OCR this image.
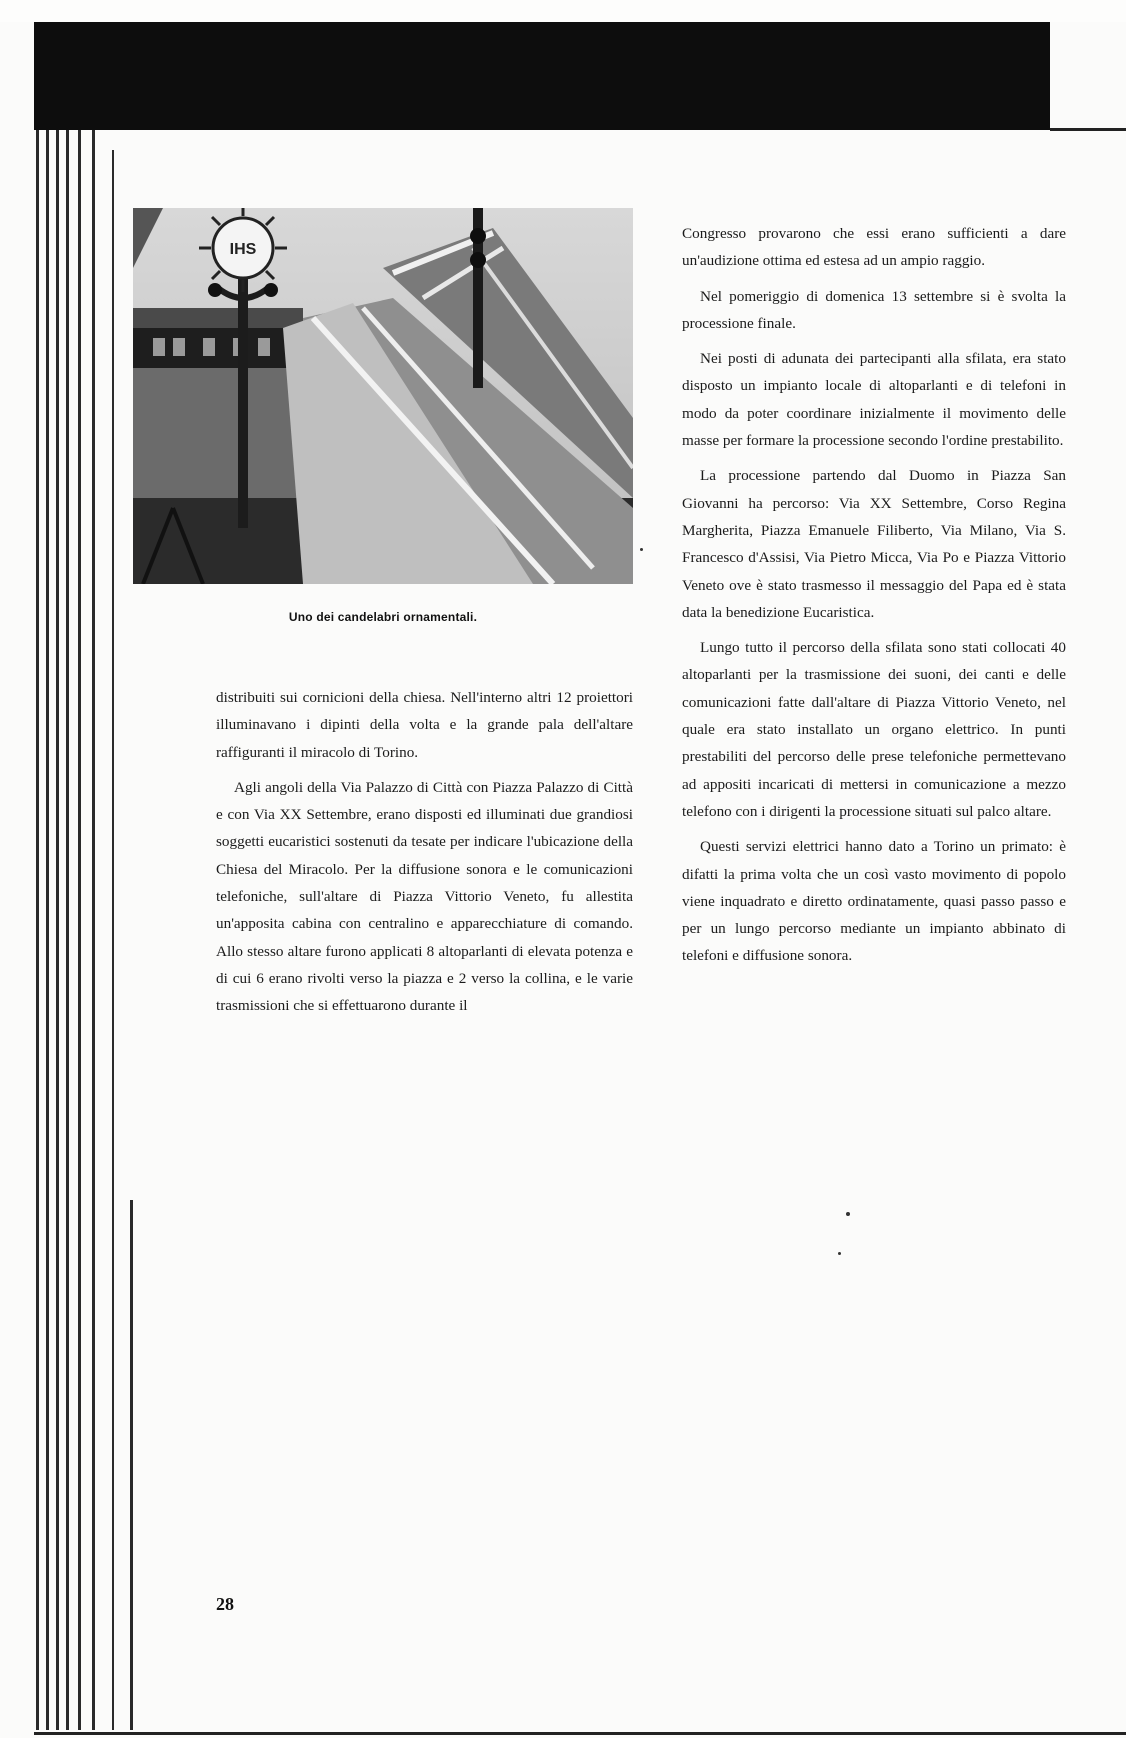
IHS
Uno dei candelabri ornamentali.

distribuiti sui cornicioni della chiesa. Nell'interno altri 12 proiettori illuminavano i dipinti della volta e la grande pala dell'altare raffiguranti il miracolo di Torino.

Agli angoli della Via Palazzo di Città con Piazza Palazzo di Città e con Via XX Settembre, erano disposti ed illuminati due grandiosi soggetti eucaristici sostenuti da tesate per indicare l'ubicazione della Chiesa del Miracolo. Per la diffusione sonora e le comunicazioni telefoniche, sull'altare di Piazza Vittorio Veneto, fu allestita un'apposita cabina con centralino e apparecchiature di comando. Allo stesso altare furono applicati 8 altoparlanti di elevata potenza e di cui 6 erano rivolti verso la piazza e 2 verso la collina, e le varie trasmissioni che si effettuarono durante il

Congresso provarono che essi erano sufficienti a dare un'audizione ottima ed estesa ad un ampio raggio.

Nel pomeriggio di domenica 13 settembre si è svolta la processione finale.

Nei posti di adunata dei partecipanti alla sfilata, era stato disposto un impianto locale di altoparlanti e di telefoni in modo da poter coordinare inizialmente il movimento delle masse per formare la processione secondo l'ordine prestabilito.

La processione partendo dal Duomo in Piazza San Giovanni ha percorso: Via XX Settembre, Corso Regina Margherita, Piazza Emanuele Filiberto, Via Milano, Via S. Francesco d'Assisi, Via Pietro Micca, Via Po e Piazza Vittorio Veneto ove è stato trasmesso il messaggio del Papa ed è stata data la benedizione Eucaristica.

Lungo tutto il percorso della sfilata sono stati collocati 40 altoparlanti per la trasmissione dei suoni, dei canti e delle comunicazioni fatte dall'altare di Piazza Vittorio Veneto, nel quale era stato installato un organo elettrico. In punti prestabiliti del percorso delle prese telefoniche permettevano ad appositi incaricati di mettersi in comunicazione a mezzo telefono con i dirigenti la processione situati sul palco altare.

Questi servizi elettrici hanno dato a Torino un primato: è difatti la prima volta che un così vasto movimento di popolo viene inquadrato e diretto ordinatamente, quasi passo passo e per un lungo percorso mediante un impianto abbinato di telefoni e diffusione sonora.

28
